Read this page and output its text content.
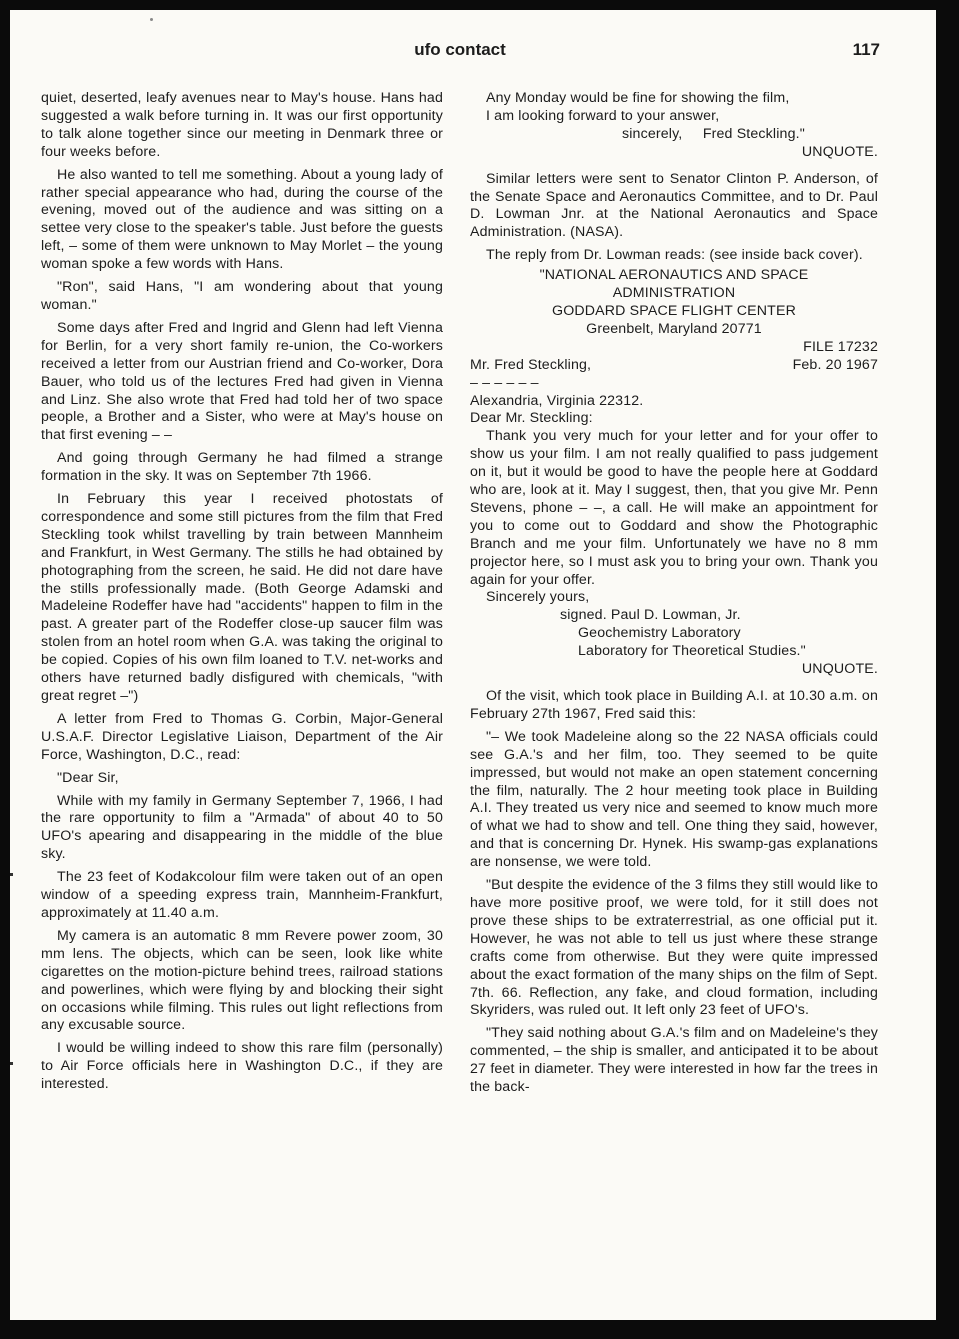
ufo contact	117

quiet, deserted, leafy avenues near to May's house. Hans had suggested a walk before turning in. It was our first opportunity to talk alone together since our meeting in Denmark three or four weeks before.

He also wanted to tell me something. About a young lady of rather special appearance who had, during the course of the evening, moved out of the audience and was sitting on a settee very close to the speaker's table. Just before the guests left, – some of them were unknown to May Morlet – the young woman spoke a few words with Hans.

"Ron", said Hans, "I am wondering about that young woman."

Some days after Fred and Ingrid and Glenn had left Vienna for Berlin, for a very short family re-union, the Co-workers received a letter from our Austrian friend and Co-worker, Dora Bauer, who told us of the lectures Fred had given in Vienna and Linz. She also wrote that Fred had told her of two space people, a Brother and a Sister, who were at May's house on that first evening – –

And going through Germany he had filmed a strange formation in the sky. It was on September 7th 1966.

In February this year I received photostats of correspondence and some still pictures from the film that Fred Steckling took whilst travelling by train between Mannheim and Frankfurt, in West Germany. The stills he had obtained by photographing from the screen, he said. He did not dare have the stills professionally made. (Both George Adamski and Madeleine Rodeffer have had "accidents" happen to film in the past. A greater part of the Rodeffer close-up saucer film was stolen from an hotel room when G.A. was taking the original to be copied. Copies of his own film loaned to T.V. net-works and others have returned badly disfigured with chemicals, "with great regret –")

A letter from Fred to Thomas G. Corbin, Major-General U.S.A.F. Director Legislative Liaison, Department of the Air Force, Washington, D.C., read:

"Dear Sir,

While with my family in Germany September 7, 1966, I had the rare opportunity to film a "Armada" of about 40 to 50 UFO's apearing and disappearing in the middle of the blue sky.

The 23 feet of Kodakcolour film were taken out of an open window of a speeding express train, Mannheim-Frankfurt, approximately at 11.40 a.m.

My camera is an automatic 8 mm Revere power zoom, 30 mm lens. The objects, which can be seen, look like white cigarettes on the motion-picture behind trees, railroad stations and powerlines, which were flying by and blocking their sight on occasions while filming. This rules out light reflections from any excusable source.

I would be willing indeed to show this rare film (personally) to Air Force officials here in Washington D.C., if they are interested.

Any Monday would be fine for showing the film,
I am looking forward to your answer,
sincerely,     Fred Steckling."
UNQUOTE.

Similar letters were sent to Senator Clinton P. Anderson, of the Senate Space and Aeronautics Committee, and to Dr. Paul D. Lowman Jnr. at the National Aeronautics and Space Administration. (NASA).

The reply from Dr. Lowman reads: (see inside back cover).

"NATIONAL AERONAUTICS AND SPACE
ADMINISTRATION
GODDARD SPACE FLIGHT CENTER
Greenbelt, Maryland 20771
FILE 17232
Mr. Fred Steckling,	Feb. 20 1967
– – – – – –
Alexandria, Virginia 22312.
Dear Mr. Steckling:

Thank you very much for your letter and for your offer to show us your film. I am not really qualified to pass judgement on it, but it would be good to have the people here at Goddard who are, look at it. May I suggest, then, that you give Mr. Penn Stevens, phone – –, a call. He will make an appointment for you to come out to Goddard and show the Photographic Branch and me your film. Unfortunately we have no 8 mm projector here, so I must ask you to bring your own. Thank you again for your offer.

Sincerely yours,
signed. Paul D. Lowman, Jr.
Geochemistry Laboratory
Laboratory for Theoretical Studies."
UNQUOTE.

Of the visit, which took place in Building A.I. at 10.30 a.m. on February 27th 1967, Fred said this:

"– We took Madeleine along so the 22 NASA officials could see G.A.'s and her film, too. They seemed to be quite impressed, but would not make an open statement concerning the film, naturally. The 2 hour meeting took place in Building A.I. They treated us very nice and seemed to know much more of what we had to show and tell. One thing they said, however, and that is concerning Dr. Hynek. His swamp-gas explanations are nonsense, we were told.

"But despite the evidence of the 3 films they still would like to have more positive proof, we were told, for it still does not prove these ships to be extraterrestrial, as one official put it. However, he was not able to tell us just where these strange crafts come from otherwise. But they were quite impressed about the exact formation of the many ships on the film of Sept. 7th. 66. Reflection, any fake, and cloud formation, including Skyriders, was ruled out. It left only 23 feet of UFO's.

"They said nothing about G.A.'s film and on Madeleine's they commented, – the ship is smaller, and anticipated it to be about 27 feet in diameter. They were interested in how far the trees in the back-
